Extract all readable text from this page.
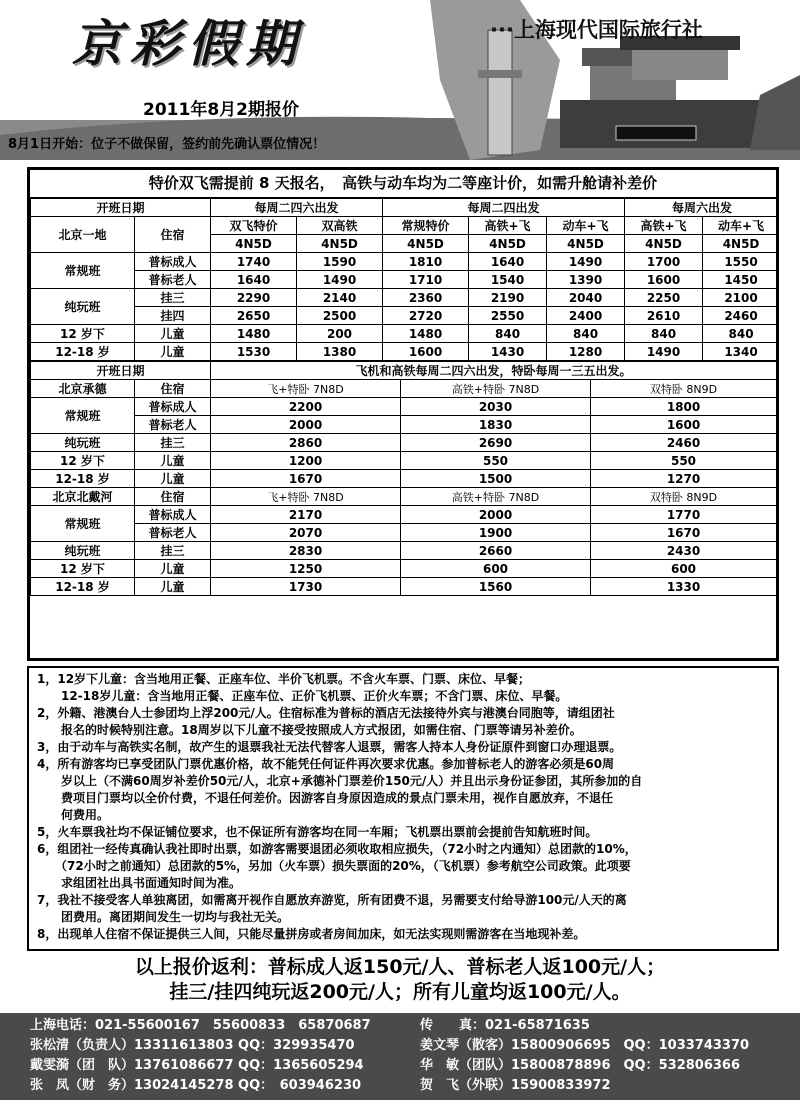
京彩假期	···上海现代国际旅行社
2011年8月2期报价
8月1日开始：位子不做保留，签约前先确认票位情况！
特价双飞需提前 8 天报名，　高铁与动车均为二等座计价，如需升舱请补差价
开班日期		每周二四六出发		每周二四出发			每周六出发	
北京一地	住宿	双飞特价	双高铁	常规特价	高铁+飞	动车+飞	高铁+飞	动车+飞
		4N5D	4N5D	4N5D	4N5D	4N5D	4N5D	4N5D
常规班	普标成人	1740	1590	1810	1640	1490	1700	1550
	普标老人	1640	1490	1710	1540	1390	1600	1450
纯玩班	挂三	2290	2140	2360	2190	2040	2250	2100
	挂四	2650	2500	2720	2550	2400	2610	2460
12 岁下	儿童	1480	200	1480	840	840	840	840
12-18 岁	儿童	1530	1380	1600	1430	1280	1490	1340
开班日期		飞机和高铁每周二四六出发，特卧每周一三五出发。		
北京承德	住宿	飞+特卧 7N8D	高铁+特卧 7N8D	双特卧 8N9D
常规班	普标成人	2200	2030	1800
	普标老人	2000	1830	1600
纯玩班	挂三	2860	2690	2460
12 岁下	儿童	1200	550	550
12-18 岁	儿童	1670	1500	1270
北京北戴河	住宿	飞+特卧 7N8D	高铁+特卧 7N8D	双特卧 8N9D
常规班	普标成人	2170	2000	1770
	普标老人	2070	1900	1670
纯玩班	挂三	2830	2660	2430
12 岁下	儿童	1250	600	600
12-18 岁	儿童	1730	1560	1330
1，12岁下儿童：含当地用正餐、正座车位、半价飞机票。不含火车票、门票、床位、早餐；
　　12-18岁儿童：含当地用正餐、正座车位、正价飞机票、正价火车票；不含门票、床位、早餐。
2，外籍、港澳台人士参团均上浮200元/人。住宿标准为普标的酒店无法接待外宾与港澳台同胞等，请组团社
　　报名的时候特别注意。18周岁以下儿童不接受按照成人方式报团，如需住宿、门票等请另补差价。
3，由于动车与高铁实名制，故产生的退票我社无法代替客人退票，需客人持本人身份证原件到窗口办理退票。
4，所有游客均已享受团队门票优惠价格，故不能凭任何证件再次要求优惠。参加普标老人的游客必须是60周
　　岁以上（不满60周岁补差价50元/人，北京+承德补门票差价150元/人）并且出示身份证参团，其所参加的自
　　费项目门票均以全价付费，不退任何差价。因游客自身原因造成的景点门票未用，视作自愿放弃，不退任
　　何费用。
5，火车票我社均不保证铺位要求，也不保证所有游客均在同一车厢；飞机票出票前会提前告知航班时间。
6，组团社一经传真确认我社即时出票，如游客需要退团必须收取相应损失，（72小时之内通知）总团款的10%，
　　（72小时之前通知）总团款的5%，另加（火车票）损失票面的20%，（飞机票）参考航空公司政策。此项要
　　求组团社出具书面通知时间为准。
7，我社不接受客人单独离团，如需离开视作自愿放弃游览，所有团费不退，另需要支付给导游100元/人天的离
　　团费用。离团期间发生一切均与我社无关。
8，出现单人住宿不保证提供三人间，只能尽量拼房或者房间加床，如无法实现则需游客在当地现补差。
以上报价返利：普标成人返150元/人、普标老人返100元/人；
挂三/挂四纯玩返200元/人；所有儿童均返100元/人。
上海电话：021-55600167　55600833　65870687	传　　真：021-65871635
张松清（负责人）13311613803 QQ：329935470	姜文琴（散客）15800906695　QQ：1033743370
戴雯漪（团　队）13761086677 QQ：1365605294	华　敏（团队）15800878896　QQ：532806366
张　凤（财　务）13024145278 QQ：　603946230	贺　飞（外联）15900833972
